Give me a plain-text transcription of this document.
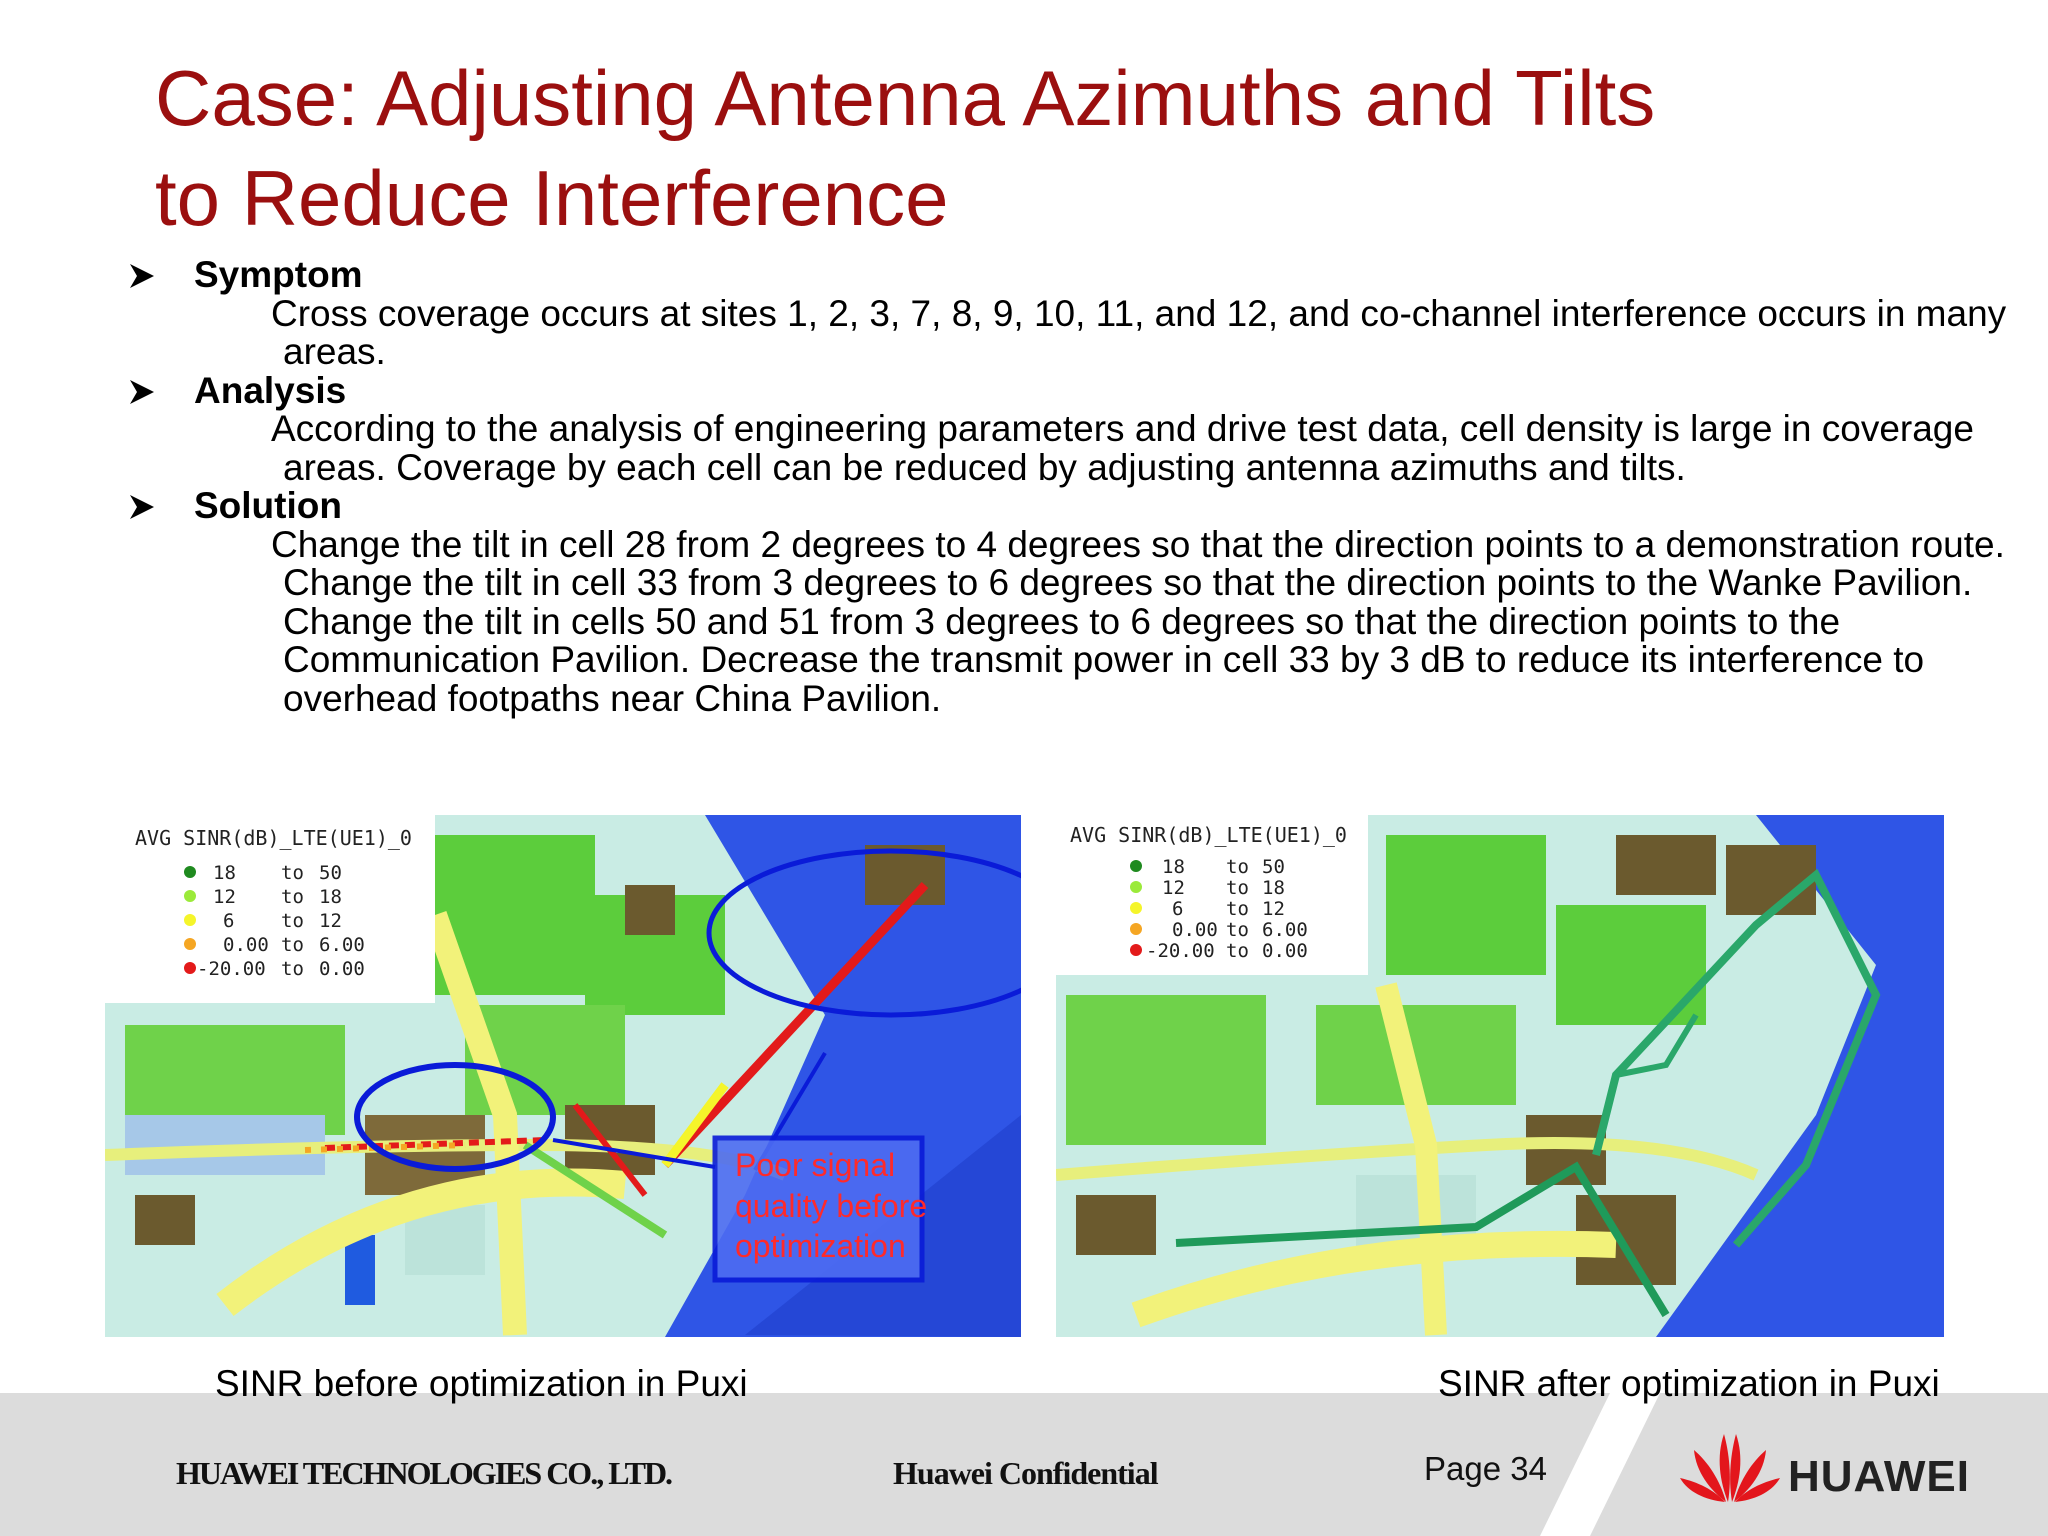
Case: Adjusting Antenna Azimuths and Tilts
to Reduce Interference
Symptom
Cross coverage occurs at sites 1, 2, 3, 7, 8, 9, 10, 11, and 12, and co-channel interference occurs in many areas.
Analysis
According to the analysis of engineering parameters and drive test data, cell density is large in coverage areas. Coverage by each cell can be reduced by adjusting antenna azimuths and tilts.
Solution
Change the tilt in cell 28 from 2 degrees to 4 degrees so that the direction points to a demonstration route. Change the tilt in cell 33 from 3 degrees to 6 degrees so that the direction points to the Wanke Pavilion. Change the tilt in cells 50 and 51 from 3 degrees to 6 degrees so that the direction points to the Communication Pavilion. Decrease the transmit power in cell 33 by 3 dB to reduce its interference to overhead footpaths near China Pavilion.
AVG SINR(dB)_LTE(UE1)_0
18 to 50
12 to 18
6 to 12
0.00 to 6.00
-20.00 to 0.00
Poor signal
quality before
optimization
AVG SINR(dB)_LTE(UE1)_0
18 to 50
12 to 18
6 to 12
0.00 to 6.00
-20.00 to 0.00
SINR before optimization in Puxi	SINR after optimization in Puxi
HUAWEI TECHNOLOGIES CO., LTD.	Huawei Confidential	Page 34	HUAWEI
